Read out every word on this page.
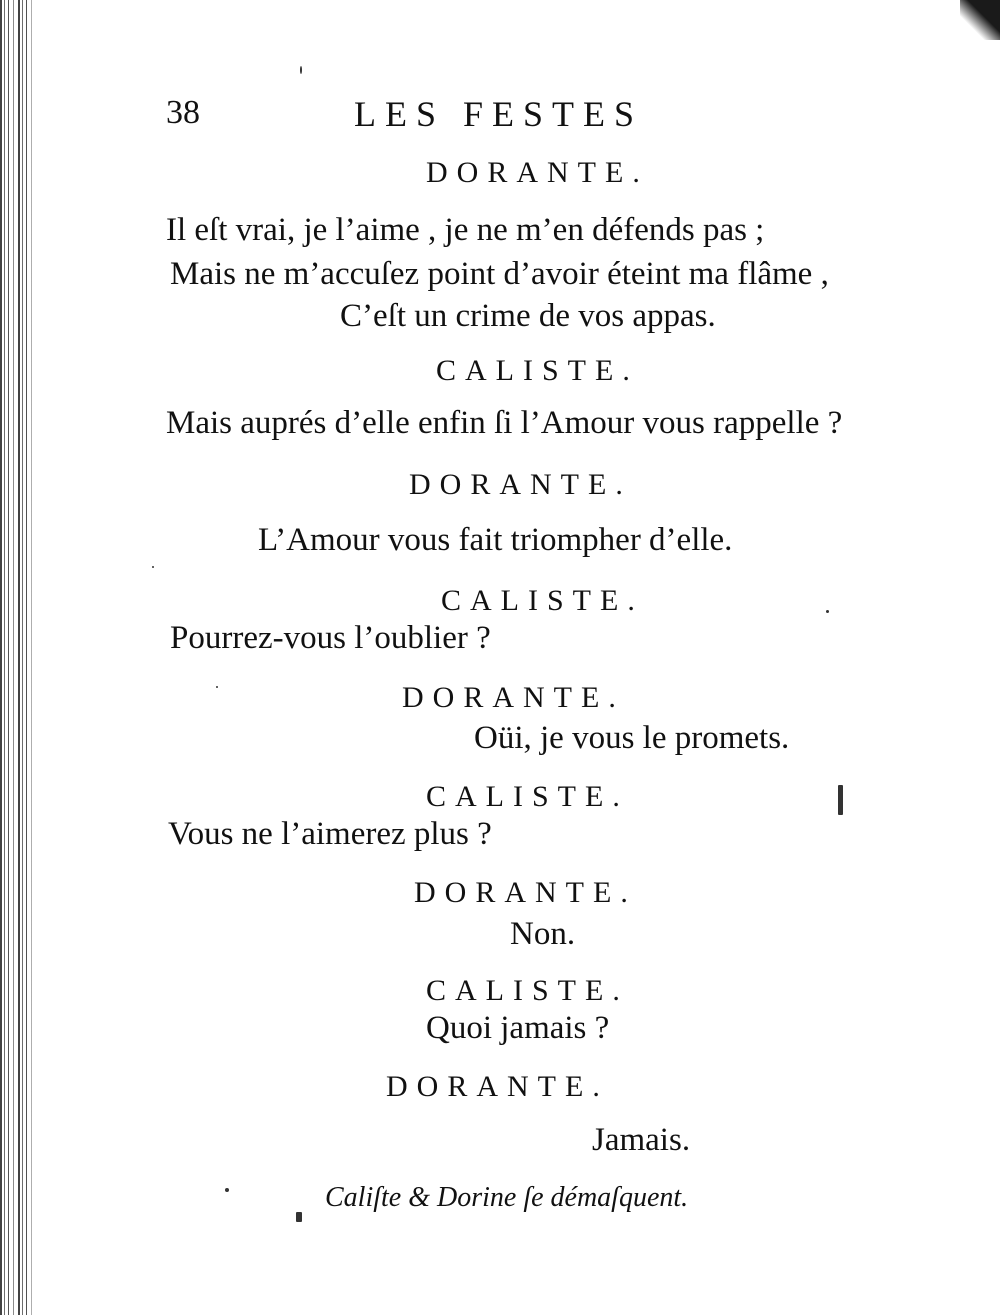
38	LES FESTES
DORANTE.
Il eſt vrai, je l’aime , je ne m’en défends pas ;
Mais ne m’accuſez point d’avoir éteint ma flâme ,
C’eſt un crime de vos appas.
CALISTE.
Mais auprés d’elle enfin ſi l’Amour vous rappelle ?
DORANTE.
L’Amour vous fait triompher d’elle.
CALISTE.
Pourrez-vous l’oublier ?
DORANTE.
Oüi, je vous le promets.
CALISTE.
Vous ne l’aimerez plus ?
DORANTE.
Non.
CALISTE.
Quoi jamais ?
DORANTE.
Jamais.
Caliſte & Dorine ſe démaſquent.
